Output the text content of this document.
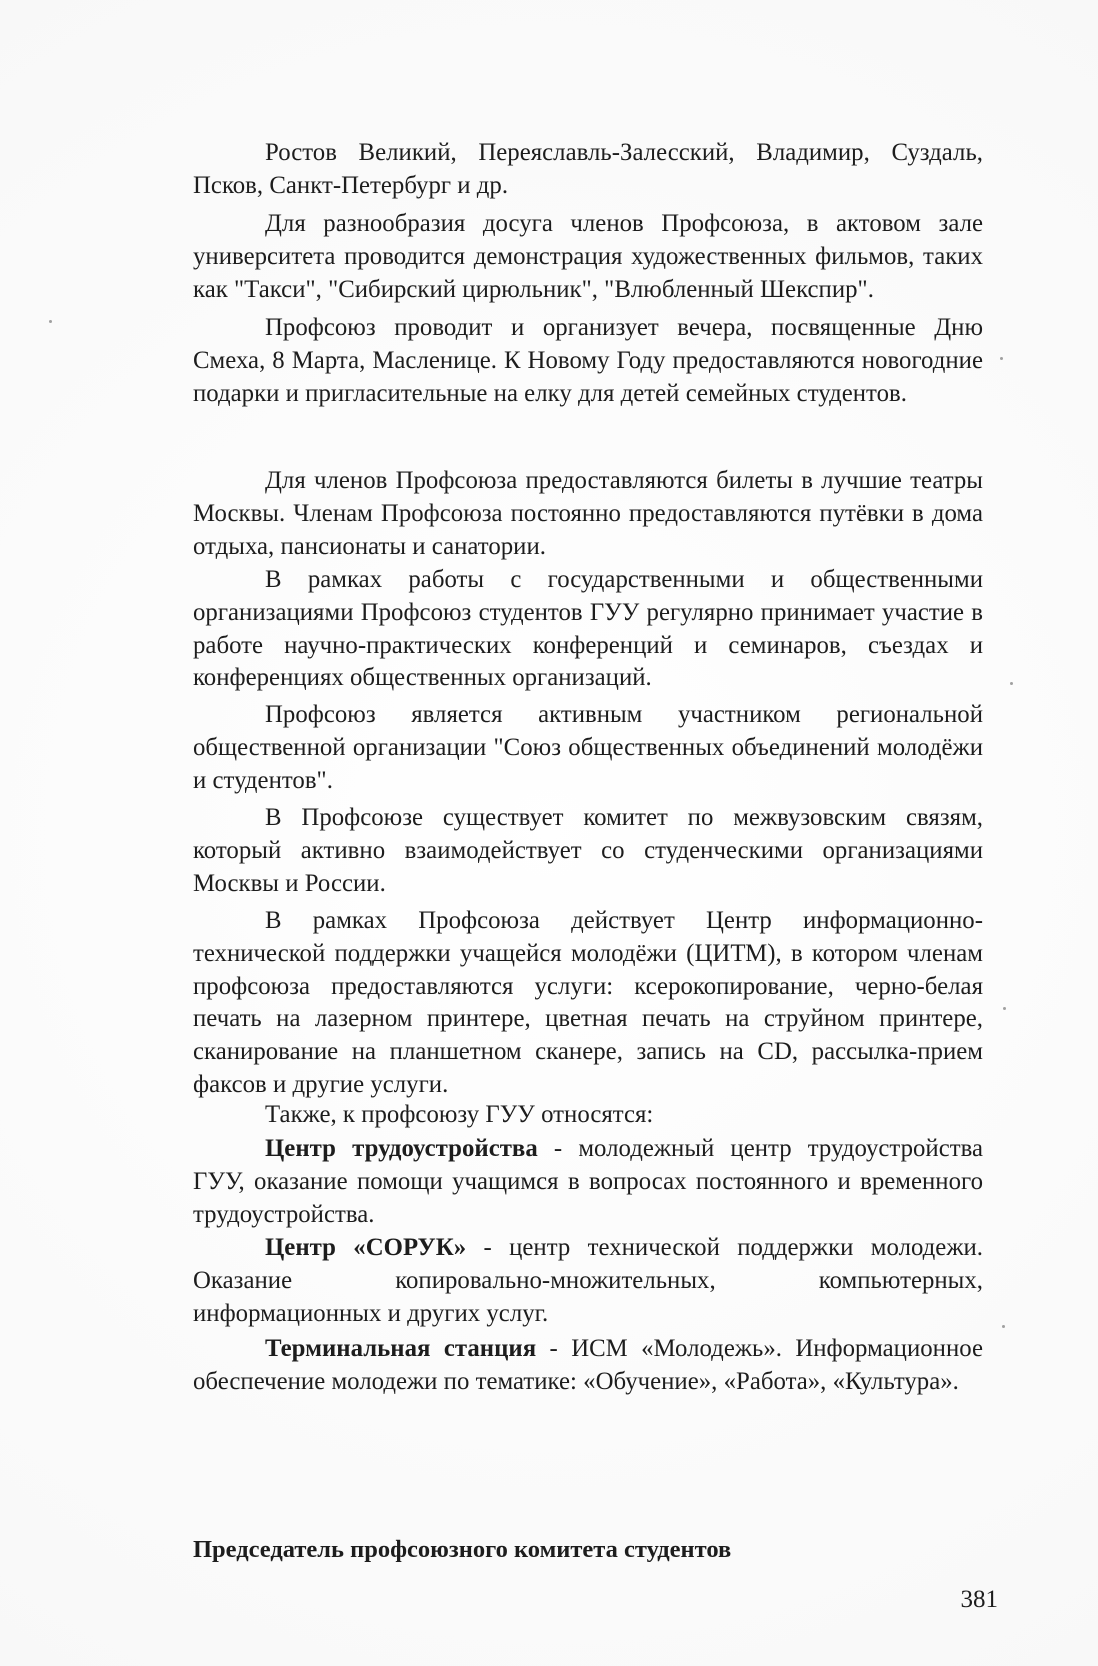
Ростов Великий, Переяславль-Залесский, Владимир, Суздаль, Псков, Санкт-Петербург и др.

Для разнообразия досуга членов Профсоюза, в актовом зале университета проводится демонстрация художественных фильмов, таких как "Такси", "Сибирский цирюльник", "Влюбленный Шекспир".

Профсоюз проводит и организует вечера, посвященные Дню Смеха, 8 Марта, Масленице. К Новому Году предоставляются новогодние подарки и пригласительные на елку для детей семейных студентов.

Для членов Профсоюза предоставляются билеты в лучшие театры Москвы. Членам Профсоюза постоянно предоставляются путёвки в дома отдыха, пансионаты и санатории.

В рамках работы с государственными и общественными организациями Профсоюз студентов ГУУ регулярно принимает участие в работе научно-практических конференций и семинаров, съездах и конференциях общественных организаций.

Профсоюз является активным участником региональной общественной организации "Союз общественных объединений молодёжи и студентов".

В Профсоюзе существует комитет по межвузовским связям, который активно взаимодействует со студенческими организациями Москвы и России.

В рамках Профсоюза действует Центр информационно-технической поддержки учащейся молодёжи (ЦИТМ), в котором членам профсоюза предоставляются услуги: ксерокопирование, черно-белая печать на лазерном принтере, цветная печать на струйном принтере, сканирование на планшетном сканере, запись на CD, рассылка-прием факсов и другие услуги.

Также, к профсоюзу ГУУ относятся:

Центр трудоустройства - молодежный центр трудоустройства ГУУ, оказание помощи учащимся в вопросах постоянного и временного трудоустройства.

Центр «СОРУК» - центр технической поддержки молодежи. Оказание копировально-множительных, компьютерных, информационных и других услуг.

Терминальная станция - ИСМ «Молодежь». Информационное обеспечение молодежи по тематике: «Обучение», «Работа», «Культура».

Председатель профсоюзного комитета студентов

381
